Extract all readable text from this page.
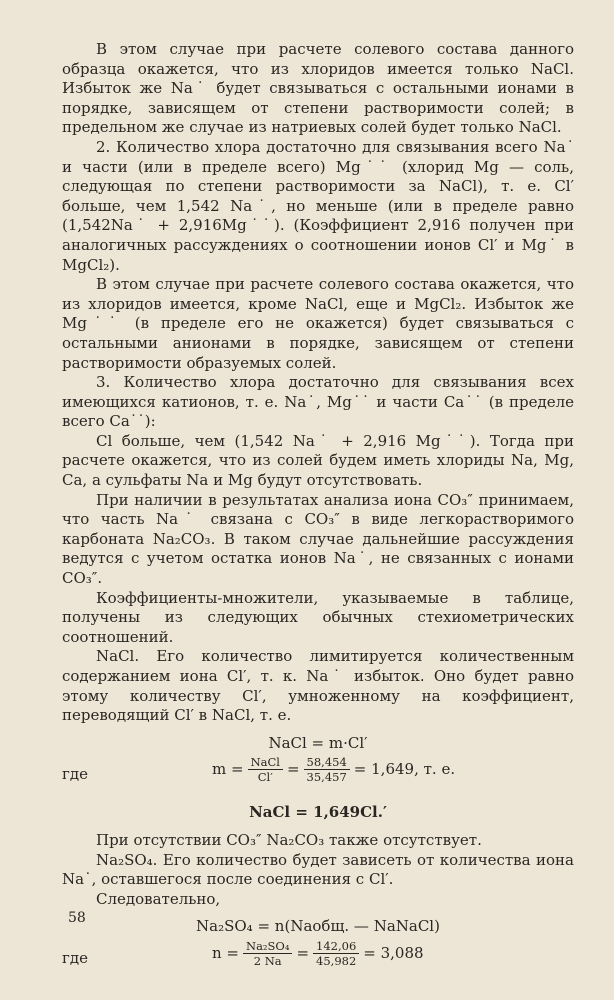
В этом случае при расчете солевого состава данного образца окажется, что из хлоридов имеется только NaCl. Избыток же Na˙ будет связываться с остальными ионами в порядке, зависящем от степени растворимости солей; в предельном же случае из натриевых солей будет только NaCl.

2. Количество хлора достаточно для связывания всего Na˙ и части (или в пределе всего) Mg˙˙ (хлорид Mg — соль, следующая по степени растворимости за NaCl), т. е. Cl′ больше, чем 1,542 Na˙, но меньше (или в пределе равно (1,542Na˙ + 2,916Mg˙˙). (Коэффициент 2,916 получен при аналогичных рассуждениях о соотношении ионов Cl′ и Mg˙ в MgCl₂).

В этом случае при расчете солевого состава окажется, что из хлоридов имеется, кроме NaCl, еще и MgCl₂. Избыток же Mg˙˙ (в пределе его не окажется) будет связываться с остальными анионами в порядке, зависящем от степени растворимости образуемых солей.

3. Количество хлора достаточно для связывания всех имеющихся катионов, т. е. Na˙, Mg˙˙ и части Ca˙˙ (в пределе всего Ca˙˙):

Cl больше, чем (1,542 Na˙ + 2,916 Mg˙˙). Тогда при расчете окажется, что из солей будем иметь хлориды Na, Mg, Ca, а сульфаты Na и Mg будут отсутствовать.

При наличии в результатах анализа иона CO₃″ принимаем, что часть Na˙ связана с CO₃″ в виде легкорастворимого карбоната Na₂CO₃. В таком случае дальнейшие рассуждения ведутся с учетом остатка ионов Na˙, не связанных с ионами CO₃″.

Коэффициенты-множители, указываемые в таблице, получены из следующих обычных стехиометрических соотношений.

NaCl. Его количество лимитируется количественным содержанием иона Cl′, т. к. Na˙ избыток. Оно будет равно этому количеству Cl′, умноженному на коэффициент, переводящий Cl′ в NaCl, т. е.

NaCl = m·Cl′
где	$m = \frac{\text{NaCl}}{Cl'} = \frac{58,454}{35,457} = 1,649$, т. е.
NaCl = 1,649Cl.′

При отсутствии CO₃″ Na₂CO₃ также отсутствует.

Na₂SO₄. Его количество будет зависеть от количества иона Na˙, оставшегося после соединения с Cl′.

Следовательно,

Na₂SO₄ = n(Naобщ. — NaNaCl)
где	$n = \frac{\text{Na₂SO₄}}{2 Na} = \frac{142,06}{45,982} = 3,088$
58
